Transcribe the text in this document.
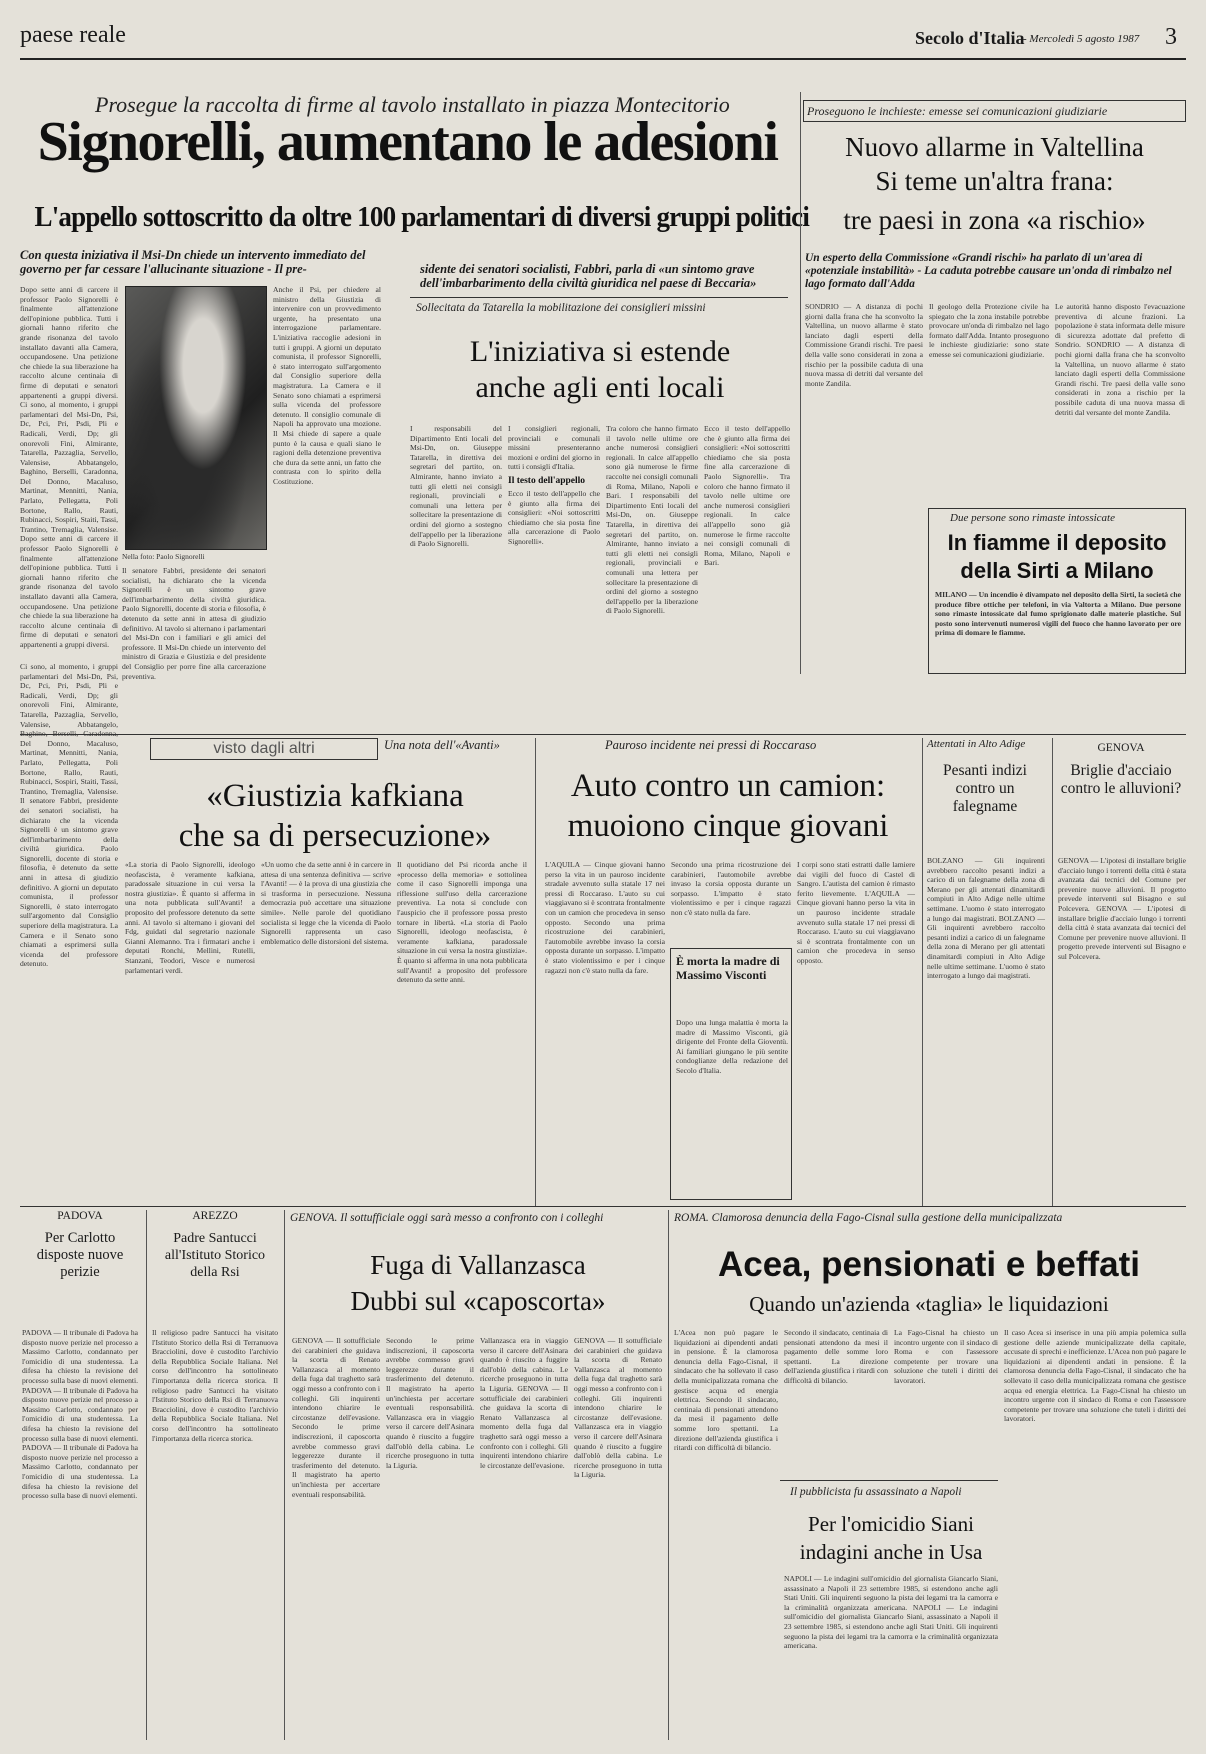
paese reale	Secolo d'Italia
- Mercoledì 5 agosto 1987 3
Prosegue la raccolta di firme al tavolo installato in piazza Montecitorio
Signorelli, aumentano le adesioni
L'appello sottoscritto da oltre 100 parlamentari di diversi gruppi politici
Con questa iniziativa il Msi-Dn chiede un intervento immediato del governo per far cessare l'allucinante situazione - Il pre-	sidente dei senatori socialisti, Fabbri, parla di «un sintomo grave dell'imbarbarimento della civiltà giuridica nel paese di Beccaria»
Dopo sette anni di carcere il professor Paolo Signorelli è finalmente all'attenzione dell'opinione pubblica. Tutti i giornali hanno riferito che grande risonanza del tavolo installato davanti alla Camera, occupandosene. Una petizione che chiede la sua liberazione ha raccolto alcune centinaia di firme di deputati e senatori appartenenti a gruppi diversi. Ci sono, al momento, i gruppi parlamentari del Msi-Dn, Psi, Dc, Pci, Pri, Psdi, Pli e Radicali, Verdi, Dp; gli onorevoli Fini, Almirante, Tatarella, Pazzaglia, Servello, Valensise, Abbatangelo, Baghino, Berselli, Caradonna, Del Donno, Macaluso, Martinat, Mennitti, Nania, Parlato, Pellegatta, Poli Bortone, Rallo, Rauti, Rubinacci, Sospiri, Staiti, Tassi, Trantino, Tremaglia, Valensise. Dopo sette anni di carcere il professor Paolo Signorelli è finalmente all'attenzione dell'opinione pubblica. Tutti i giornali hanno riferito che grande risonanza del tavolo installato davanti alla Camera, occupandosene. Una petizione che chiede la sua liberazione ha raccolto alcune centinaia di firme di deputati e senatori appartenenti a gruppi diversi.
Nella foto: Paolo Signorelli
Il senatore Fabbri, presidente dei senatori socialisti, ha dichiarato che la vicenda Signorelli è un sintomo grave dell'imbarbarimento della civiltà giuridica. Paolo Signorelli, docente di storia e filosofia, è detenuto da sette anni in attesa di giudizio definitivo. Al tavolo si alternano i parlamentari del Msi-Dn con i familiari e gli amici del professore. Il Msi-Dn chiede un intervento del ministro di Grazia e Giustizia e del presidente del Consiglio per porre fine alla carcerazione preventiva.
Anche il Psi, per chiedere al ministro della Giustizia di intervenire con un provvedimento urgente, ha presentato una interrogazione parlamentare. L'iniziativa raccoglie adesioni in tutti i gruppi. A giorni un deputato comunista, il professor Signorelli, è stato interrogato sull'argomento dal Consiglio superiore della magistratura. La Camera e il Senato sono chiamati a esprimersi sulla vicenda del professore detenuto. Il consiglio comunale di Napoli ha approvato una mozione. Il Msi chiede di sapere a quale punto è la causa e quali siano le ragioni della detenzione preventiva che dura da sette anni, un fatto che contrasta con lo spirito della Costituzione.
Ci sono, al momento, i gruppi parlamentari del Msi-Dn, Psi, Dc, Pci, Pri, Psdi, Pli e Radicali, Verdi, Dp; gli onorevoli Fini, Almirante, Tatarella, Pazzaglia, Servello, Valensise, Abbatangelo, Baghino, Berselli, Caradonna, Del Donno, Macaluso, Martinat, Mennitti, Nania, Parlato, Pellegatta, Poli Bortone, Rallo, Rauti, Rubinacci, Sospiri, Staiti, Tassi, Trantino, Tremaglia, Valensise. Il senatore Fabbri, presidente dei senatori socialisti, ha dichiarato che la vicenda Signorelli è un sintomo grave dell'imbarbarimento della civiltà giuridica. Paolo Signorelli, docente di storia e filosofia, è detenuto da sette anni in attesa di giudizio definitivo. A giorni un deputato comunista, il professor Signorelli, è stato interrogato sull'argomento dal Consiglio superiore della magistratura. La Camera e il Senato sono chiamati a esprimersi sulla vicenda del professore detenuto.
Sollecitata da Tatarella la mobilitazione dei consiglieri missini
L'iniziativa si estende
anche agli enti locali
I responsabili del Dipartimento Enti locali del Msi-Dn, on. Giuseppe Tatarella, in direttiva dei segretari del partito, on. Almirante, hanno inviato a tutti gli eletti nei consigli regionali, provinciali e comunali una lettera per sollecitare la presentazione di ordini del giorno a sostegno dell'appello per la liberazione di Paolo Signorelli.
I consiglieri regionali, provinciali e comunali missini presenteranno mozioni e ordini del giorno in tutti i consigli d'Italia.
Il testo dell'appello
Ecco il testo dell'appello che è giunto alla firma dei consiglieri: «Noi sottoscritti chiediamo che sia posta fine alla carcerazione di Paolo Signorelli».
Tra coloro che hanno firmato il tavolo nelle ultime ore anche numerosi consiglieri regionali. In calce all'appello sono già numerose le firme raccolte nei consigli comunali di Roma, Milano, Napoli e Bari. I responsabili del Dipartimento Enti locali del Msi-Dn, on. Giuseppe Tatarella, in direttiva dei segretari del partito, on. Almirante, hanno inviato a tutti gli eletti nei consigli regionali, provinciali e comunali una lettera per sollecitare la presentazione di ordini del giorno a sostegno dell'appello per la liberazione di Paolo Signorelli.
Ecco il testo dell'appello che è giunto alla firma dei consiglieri: «Noi sottoscritti chiediamo che sia posta fine alla carcerazione di Paolo Signorelli». Tra coloro che hanno firmato il tavolo nelle ultime ore anche numerosi consiglieri regionali. In calce all'appello sono già numerose le firme raccolte nei consigli comunali di Roma, Milano, Napoli e Bari.
Proseguono le inchieste: emesse sei comunicazioni giudiziarie
Nuovo allarme in Valtellina
Si teme un'altra frana:
tre paesi in zona «a rischio»
Un esperto della Commissione «Grandi rischi» ha parlato di un'area di «potenziale instabilità» - La caduta potrebbe causare un'onda di rimbalzo nel lago formato dall'Adda
SONDRIO — A distanza di pochi giorni dalla frana che ha sconvolto la Valtellina, un nuovo allarme è stato lanciato dagli esperti della Commissione Grandi rischi. Tre paesi della valle sono considerati in zona a rischio per la possibile caduta di una nuova massa di detriti dal versante del monte Zandila.
Il geologo della Protezione civile ha spiegato che la zona instabile potrebbe provocare un'onda di rimbalzo nel lago formato dall'Adda. Intanto proseguono le inchieste giudiziarie: sono state emesse sei comunicazioni giudiziarie.
Le autorità hanno disposto l'evacuazione preventiva di alcune frazioni. La popolazione è stata informata delle misure di sicurezza adottate dal prefetto di Sondrio. SONDRIO — A distanza di pochi giorni dalla frana che ha sconvolto la Valtellina, un nuovo allarme è stato lanciato dagli esperti della Commissione Grandi rischi. Tre paesi della valle sono considerati in zona a rischio per la possibile caduta di una nuova massa di detriti dal versante del monte Zandila.
Due persone sono rimaste intossicate
In fiamme il deposito
della Sirti a Milano
MILANO — Un incendio è divampato nel deposito della Sirti, la società che produce fibre ottiche per telefoni, in via Valtorta a Milano. Due persone sono rimaste intossicate dal fumo sprigionato dalle materie plastiche. Sul posto sono intervenuti numerosi vigili del fuoco che hanno lavorato per ore prima di domare le fiamme.
visto dagli altri	Una nota dell'«Avanti»
«Giustizia kafkiana
che sa di persecuzione»
«La storia di Paolo Signorelli, ideologo neofascista, è veramente kafkiana, paradossale situazione in cui versa la nostra giustizia». È quanto si afferma in una nota pubblicata sull'Avanti! a proposito del professore detenuto da sette anni. Al tavolo si alternano i giovani del Fdg, guidati dal segretario nazionale Gianni Alemanno. Tra i firmatari anche i deputati Ronchi, Mellini, Rutelli, Stanzani, Teodori, Vesce e numerosi parlamentari verdi.
«Un uomo che da sette anni è in carcere in attesa di una sentenza definitiva — scrive l'Avanti! — è la prova di una giustizia che si trasforma in persecuzione. Nessuna democrazia può accettare una situazione simile». Nelle parole del quotidiano socialista si legge che la vicenda di Paolo Signorelli rappresenta un caso emblematico delle distorsioni del sistema.
Il quotidiano del Psi ricorda anche il «processo della memoria» e sottolinea come il caso Signorelli imponga una riflessione sull'uso della carcerazione preventiva. La nota si conclude con l'auspicio che il professore possa presto tornare in libertà. «La storia di Paolo Signorelli, ideologo neofascista, è veramente kafkiana, paradossale situazione in cui versa la nostra giustizia». È quanto si afferma in una nota pubblicata sull'Avanti! a proposito del professore detenuto da sette anni.
Pauroso incidente nei pressi di Roccaraso
Auto contro un camion:
muoiono cinque giovani
L'AQUILA — Cinque giovani hanno perso la vita in un pauroso incidente stradale avvenuto sulla statale 17 nei pressi di Roccaraso. L'auto su cui viaggiavano si è scontrata frontalmente con un camion che procedeva in senso opposto. Secondo una prima ricostruzione dei carabinieri, l'automobile avrebbe invaso la corsia opposta durante un sorpasso. L'impatto è stato violentissimo e per i cinque ragazzi non c'è stato nulla da fare.
Secondo una prima ricostruzione dei carabinieri, l'automobile avrebbe invaso la corsia opposta durante un sorpasso. L'impatto è stato violentissimo e per i cinque ragazzi non c'è stato nulla da fare.
I corpi sono stati estratti dalle lamiere dai vigili del fuoco di Castel di Sangro. L'autista del camion è rimasto ferito lievemente. L'AQUILA — Cinque giovani hanno perso la vita in un pauroso incidente stradale avvenuto sulla statale 17 nei pressi di Roccaraso. L'auto su cui viaggiavano si è scontrata frontalmente con un camion che procedeva in senso opposto.
È morta la madre di Massimo Visconti
Dopo una lunga malattia è morta la madre di Massimo Visconti, già dirigente del Fronte della Gioventù. Ai familiari giungano le più sentite condoglianze della redazione del Secolo d'Italia.
Attentati in Alto Adige
Pesanti indizi contro un falegname
BOLZANO — Gli inquirenti avrebbero raccolto pesanti indizi a carico di un falegname della zona di Merano per gli attentati dinamitardi compiuti in Alto Adige nelle ultime settimane. L'uomo è stato interrogato a lungo dai magistrati. BOLZANO — Gli inquirenti avrebbero raccolto pesanti indizi a carico di un falegname della zona di Merano per gli attentati dinamitardi compiuti in Alto Adige nelle ultime settimane. L'uomo è stato interrogato a lungo dai magistrati.
GENOVA
Briglie d'acciaio contro le alluvioni?
GENOVA — L'ipotesi di installare briglie d'acciaio lungo i torrenti della città è stata avanzata dai tecnici del Comune per prevenire nuove alluvioni. Il progetto prevede interventi sul Bisagno e sul Polcevera. GENOVA — L'ipotesi di installare briglie d'acciaio lungo i torrenti della città è stata avanzata dai tecnici del Comune per prevenire nuove alluvioni. Il progetto prevede interventi sul Bisagno e sul Polcevera.
PADOVA
Per Carlotto disposte nuove perizie
PADOVA — Il tribunale di Padova ha disposto nuove perizie nel processo a Massimo Carlotto, condannato per l'omicidio di una studentessa. La difesa ha chiesto la revisione del processo sulla base di nuovi elementi. PADOVA — Il tribunale di Padova ha disposto nuove perizie nel processo a Massimo Carlotto, condannato per l'omicidio di una studentessa. La difesa ha chiesto la revisione del processo sulla base di nuovi elementi. PADOVA — Il tribunale di Padova ha disposto nuove perizie nel processo a Massimo Carlotto, condannato per l'omicidio di una studentessa. La difesa ha chiesto la revisione del processo sulla base di nuovi elementi.
AREZZO
Padre Santucci all'Istituto Storico della Rsi
Il religioso padre Santucci ha visitato l'Istituto Storico della Rsi di Terranuova Bracciolini, dove è custodito l'archivio della Repubblica Sociale Italiana. Nel corso dell'incontro ha sottolineato l'importanza della ricerca storica. Il religioso padre Santucci ha visitato l'Istituto Storico della Rsi di Terranuova Bracciolini, dove è custodito l'archivio della Repubblica Sociale Italiana. Nel corso dell'incontro ha sottolineato l'importanza della ricerca storica.
GENOVA. Il sottufficiale oggi sarà messo a confronto con i colleghi
Fuga di Vallanzasca
Dubbi sul «caposcorta»
GENOVA — Il sottufficiale dei carabinieri che guidava la scorta di Renato Vallanzasca al momento della fuga dal traghetto sarà oggi messo a confronto con i colleghi. Gli inquirenti intendono chiarire le circostanze dell'evasione. Secondo le prime indiscrezioni, il caposcorta avrebbe commesso gravi leggerezze durante il trasferimento del detenuto. Il magistrato ha aperto un'inchiesta per accertare eventuali responsabilità.
Secondo le prime indiscrezioni, il caposcorta avrebbe commesso gravi leggerezze durante il trasferimento del detenuto. Il magistrato ha aperto un'inchiesta per accertare eventuali responsabilità. Vallanzasca era in viaggio verso il carcere dell'Asinara quando è riuscito a fuggire dall'oblò della cabina. Le ricerche proseguono in tutta la Liguria.
Vallanzasca era in viaggio verso il carcere dell'Asinara quando è riuscito a fuggire dall'oblò della cabina. Le ricerche proseguono in tutta la Liguria. GENOVA — Il sottufficiale dei carabinieri che guidava la scorta di Renato Vallanzasca al momento della fuga dal traghetto sarà oggi messo a confronto con i colleghi. Gli inquirenti intendono chiarire le circostanze dell'evasione.
GENOVA — Il sottufficiale dei carabinieri che guidava la scorta di Renato Vallanzasca al momento della fuga dal traghetto sarà oggi messo a confronto con i colleghi. Gli inquirenti intendono chiarire le circostanze dell'evasione. Vallanzasca era in viaggio verso il carcere dell'Asinara quando è riuscito a fuggire dall'oblò della cabina. Le ricerche proseguono in tutta la Liguria.
ROMA. Clamorosa denuncia della Fago-Cisnal sulla gestione della municipalizzata
Acea, pensionati e beffati
Quando un'azienda «taglia» le liquidazioni
L'Acea non può pagare le liquidazioni ai dipendenti andati in pensione. È la clamorosa denuncia della Fago-Cisnal, il sindacato che ha sollevato il caso della municipalizzata romana che gestisce acqua ed energia elettrica. Secondo il sindacato, centinaia di pensionati attendono da mesi il pagamento delle somme loro spettanti. La direzione dell'azienda giustifica i ritardi con difficoltà di bilancio.
Secondo il sindacato, centinaia di pensionati attendono da mesi il pagamento delle somme loro spettanti. La direzione dell'azienda giustifica i ritardi con difficoltà di bilancio.
La Fago-Cisnal ha chiesto un incontro urgente con il sindaco di Roma e con l'assessore competente per trovare una soluzione che tuteli i diritti dei lavoratori.
Il caso Acea si inserisce in una più ampia polemica sulla gestione delle aziende municipalizzate della capitale, accusate di sprechi e inefficienze. L'Acea non può pagare le liquidazioni ai dipendenti andati in pensione. È la clamorosa denuncia della Fago-Cisnal, il sindacato che ha sollevato il caso della municipalizzata romana che gestisce acqua ed energia elettrica. La Fago-Cisnal ha chiesto un incontro urgente con il sindaco di Roma e con l'assessore competente per trovare una soluzione che tuteli i diritti dei lavoratori.
Il pubblicista fu assassinato a Napoli
Per l'omicidio Siani
indagini anche in Usa
NAPOLI — Le indagini sull'omicidio del giornalista Giancarlo Siani, assassinato a Napoli il 23 settembre 1985, si estendono anche agli Stati Uniti. Gli inquirenti seguono la pista dei legami tra la camorra e la criminalità organizzata americana. NAPOLI — Le indagini sull'omicidio del giornalista Giancarlo Siani, assassinato a Napoli il 23 settembre 1985, si estendono anche agli Stati Uniti. Gli inquirenti seguono la pista dei legami tra la camorra e la criminalità organizzata americana.
